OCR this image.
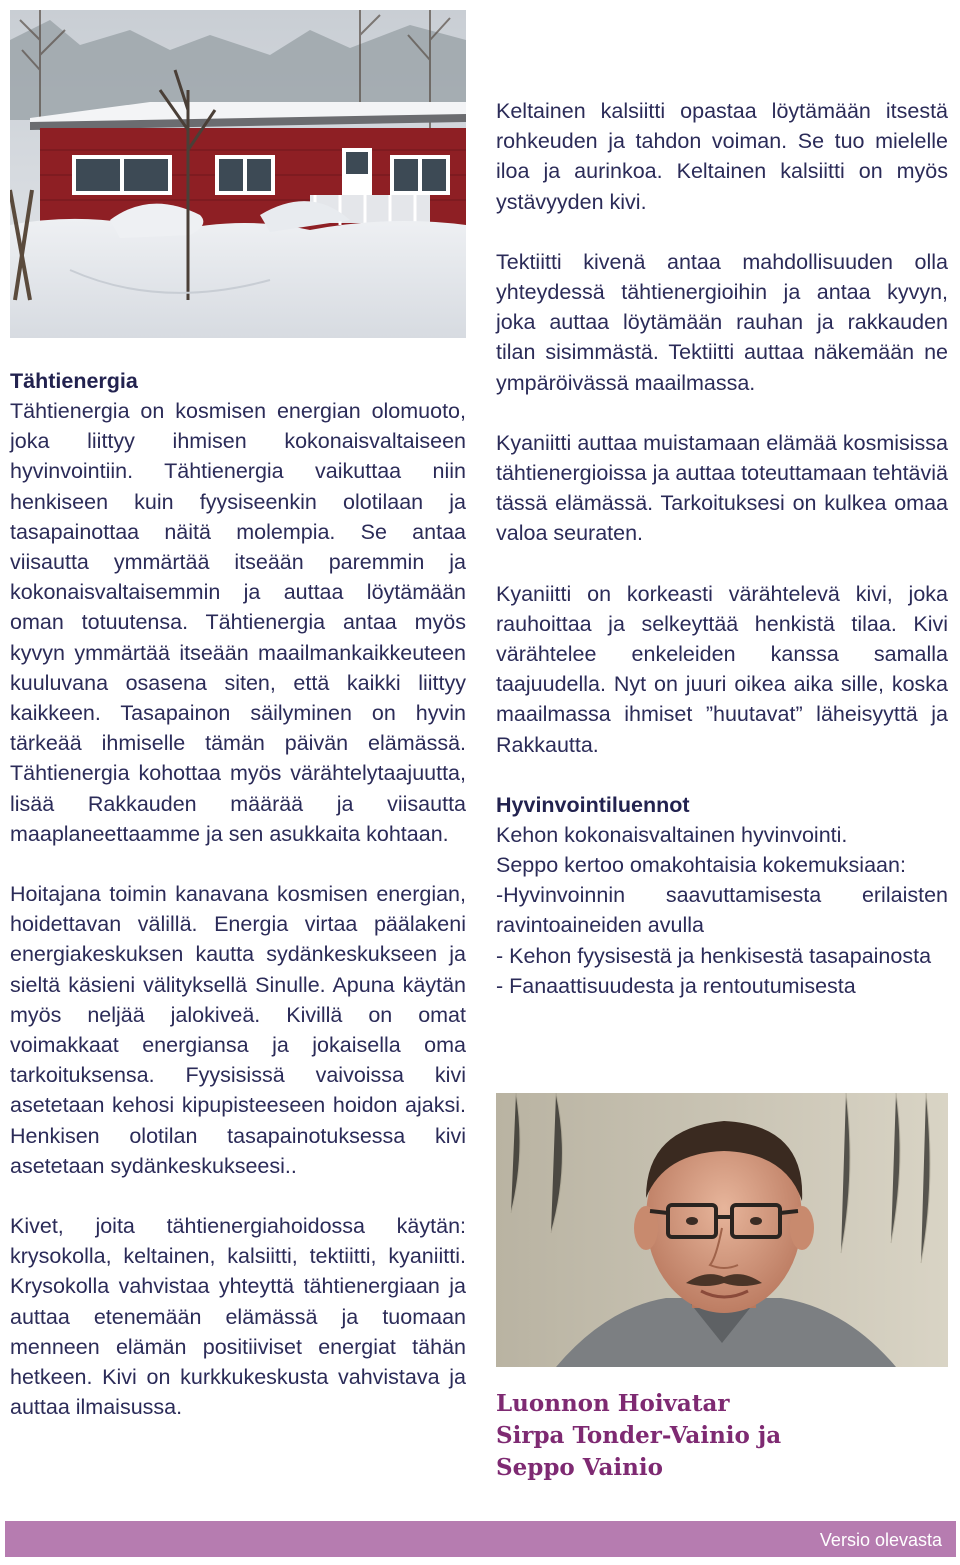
Tähtienergia

Tähtienergia on kosmisen energian olomuoto, joka liittyy ihmisen kokonaisvaltaiseen hyvinvointiin. Tähtienergia vaikuttaa niin henkiseen kuin fyysiseenkin olotilaan ja tasapainottaa näitä molempia. Se antaa viisautta ymmärtää itseään paremmin ja kokonaisvaltaisemmin ja auttaa löytämään oman totuutensa. Tähtienergia antaa myös kyvyn ymmärtää itseään maailmankaikkeuteen kuuluvana osasena siten, että kaikki liittyy kaikkeen. Tasapainon säilyminen on hyvin tärkeää ihmiselle tämän päivän elämässä. Tähtienergia kohottaa myös värähtelytaajuutta, lisää Rakkauden määrää ja viisautta maaplaneettaamme ja sen asukkaita kohtaan.

Hoitajana toimin kanavana kosmisen energian, hoidettavan välillä. Energia virtaa päälakeni energiakeskuksen kautta sydänkeskukseen ja sieltä käsieni välityksellä Sinulle. Apuna käytän myös neljää jalokiveä. Kivillä on omat voimakkaat energiansa ja jokaisella oma tarkoituksensa. Fyysisissä vaivoissa kivi asetetaan kehosi kipupisteeseen hoidon ajaksi. Henkisen olotilan tasapainotuksessa kivi asetetaan sydänkeskukseesi..

Kivet, joita tähtienergiahoidossa käytän: krysokolla, keltainen, kalsiitti, tektiitti, kyaniitti. Krysokolla vahvistaa yhteyttä tähtienergiaan ja auttaa etenemään elämässä ja tuomaan menneen elämän positiiviset energiat tähän hetkeen. Kivi on kurkkukeskusta vahvistava ja auttaa ilmaisussa.

Keltainen kalsiitti opastaa löytämään itsestä rohkeuden ja tahdon voiman. Se tuo mielelle iloa ja aurinkoa. Keltainen kalsiitti on myös ystävyyden kivi.

Tektiitti kivenä antaa mahdollisuuden olla yhteydessä tähtienergioihin ja antaa kyvyn, joka auttaa löytämään rauhan ja rakkauden tilan sisimmästä. Tektiitti auttaa näkemään ne ympäröivässä maailmassa.

Kyaniitti auttaa muistamaan elämää kosmisissa tähtienergioissa ja auttaa toteuttamaan tehtäviä tässä elämässä. Tarkoituksesi on kulkea omaa valoa seuraten.

Kyaniitti on korkeasti värähtelevä kivi, joka rauhoittaa ja selkeyttää henkistä tilaa. Kivi värähtelee enkeleiden kanssa samalla taajuudella. Nyt on juuri oikea aika sille, koska maailmassa ihmiset ”huutavat” läheisyyttä ja Rakkautta.

Hyvinvointiluennot

Kehon kokonaisvaltainen hyvinvointi.

Seppo kertoo omakohtaisia kokemuksiaan:

-Hyvinvoinnin saavuttamisesta erilaisten ravintoaineiden avulla

- Kehon fyysisestä ja henkisestä tasapainosta

- Fanaattisuudesta ja rentoutumisesta

Luonnon Hoivatar
Sirpa Tonder-Vainio ja
Seppo Vainio
Versio olevasta
